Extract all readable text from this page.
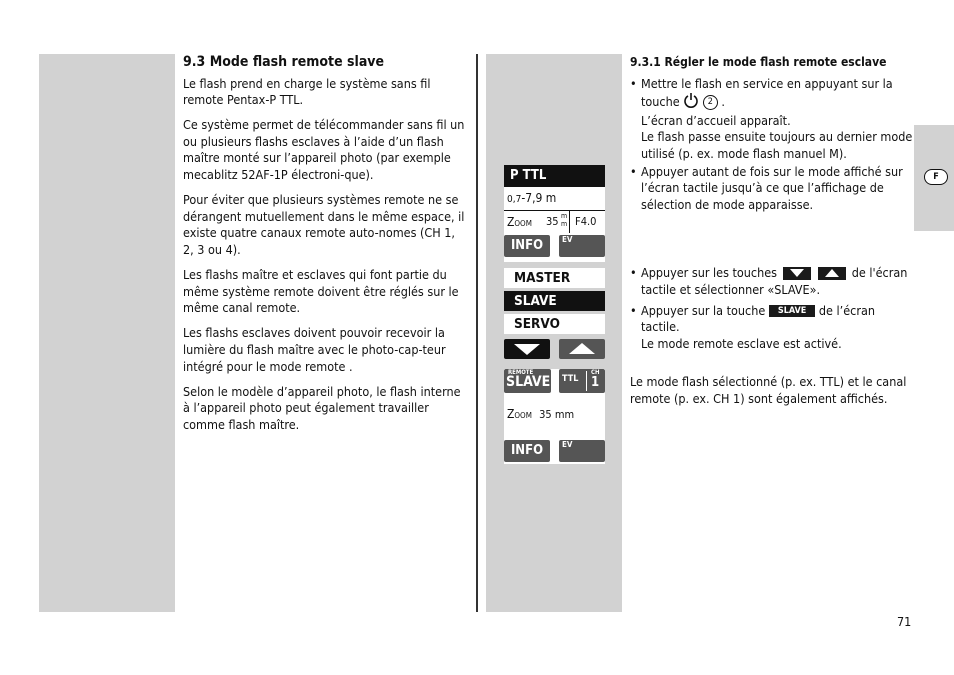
9.3 Mode flash remote slave

Le flash prend en charge le système sans fil remote Pentax-P TTL.

Ce système permet de télécommander sans fil un ou plusieurs flashs esclaves à l’aide d’un flash maître monté sur l’appareil photo (par exemple mecablitz 52AF-1P électroni-que).

Pour éviter que plusieurs systèmes remote ne se dérangent mutuellement dans le même espace, il existe quatre canaux remote auto-nomes (CH 1, 2, 3 ou 4).

Les flashs maître et esclaves qui font partie du même système remote doivent être réglés sur le même canal remote.

Les flashs esclaves doivent pouvoir recevoir la lumière du flash maître avec le photo-cap-teur intégré pour le mode remote .

Selon le modèle d’appareil photo, le flash interne à l’appareil photo peut également travailler comme flash maître.

P TTL
0,7-7,9 m
Zoom 35 m
m F4.0
INFO	EV
MASTER
SLAVE
SERVO
REMOTE
SLAVE TTL
CH
1
Zoom 35 mm
INFO	EV
9.3.1 Régler le mode flash remote esclave
• Mettre le flash en service en appuyant sur la touche	2 .
L’écran d’accueil apparaît.
Le flash passe ensuite toujours au dernier mode utilisé (p. ex. mode flash manuel M).
• Appuyer autant de fois sur le mode affiché sur l’écran tactile jusqu’à ce que l’affichage de sélection de mode apparaisse.
• Appuyer sur les touches
	de l'écran tactile et sélectionner «SLAVE».
• Appuyer sur la touche SLAVE de l’écran tactile.
Le mode remote esclave est activé.
Le mode flash sélectionné (p. ex. TTL) et le canal remote (p. ex. CH 1) sont également affichés.
F
71
